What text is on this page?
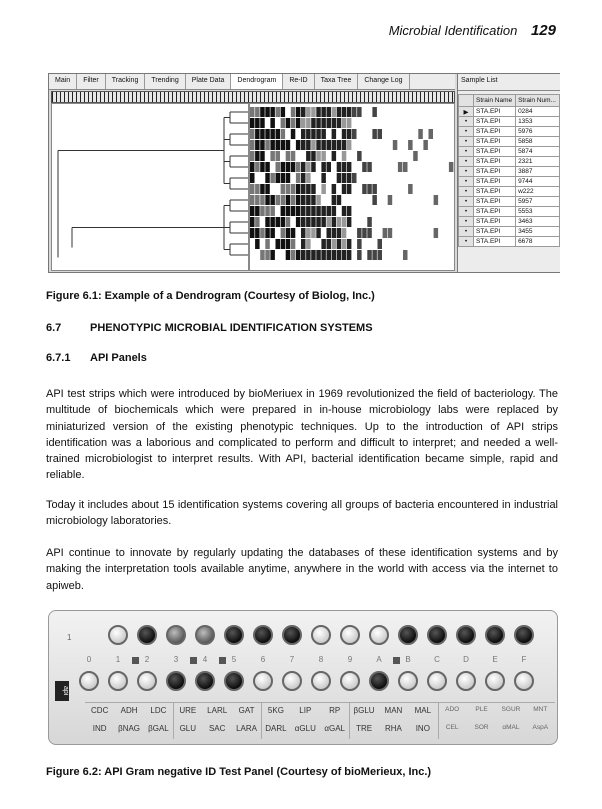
Microbial Identification 129
Main	Filter	Tracking	Trending	Plate Data	Dendrogram	Re-ID	Taxa Tree	Change Log	Sample List
	Strain Name	Strain Num...
▶	STA.EPI	0284
•	STA.EPI	1353
•	STA.EPI	5976
•	STA.EPI	5858
•	STA.EPI	5874
•	STA.EPI	2321
•	STA.EPI	3887
•	STA.EPI	9744
•	STA.EPI	w222
•	STA.EPI	5957
•	STA.EPI	5553
•	STA.EPI	3463
•	STA.EPI	3455
•	STA.EPI	6678
Figure 6.1: Example of a Dendrogram (Courtesy of Biolog, Inc.)
6.7	PHENOTYPIC MICROBIAL IDENTIFICATION SYSTEMS
6.7.1 API Panels

API test strips which were introduced by bioMeriuex in 1969 revolutionized the field of bacteriology. The multitude of biochemicals which were prepared in in-house microbiology labs were replaced by miniaturized version of the existing phenotypic techniques. Up to the introduction of API strips identification was a laborious and complicated to perform and difficult to interpret; and needed a well-trained microbiologist to interpret results. With API, bacterial identification became simple, rapid and reliable.

Today it includes about 15 identification systems covering all groups of bacteria encountered in industrial microbiology laboratories.

API continue to innovate by regularly updating the databases of these identification systems and by making the interpretation tools available anytime, anywhere in the world with access via the internet to apiweb.

1
api
CDC	ADH	LDC	URE	LARL	GAT	5KG	LIP	RP	βGLU	MAN	MAL	ADO	PLE	SGUR	MNT
IND	βNAG	βGAL	GLU	SAC	LARA	DARL	αGLU	αGAL	TRE	RHA	INO	CEL	SOR	αMAL	AspA
0	1	2	3	4	5	6	7	8	9	A	B	C	D	E	F
Figure 6.2: API Gram negative ID Test Panel (Courtesy of bioMerieux, Inc.)
